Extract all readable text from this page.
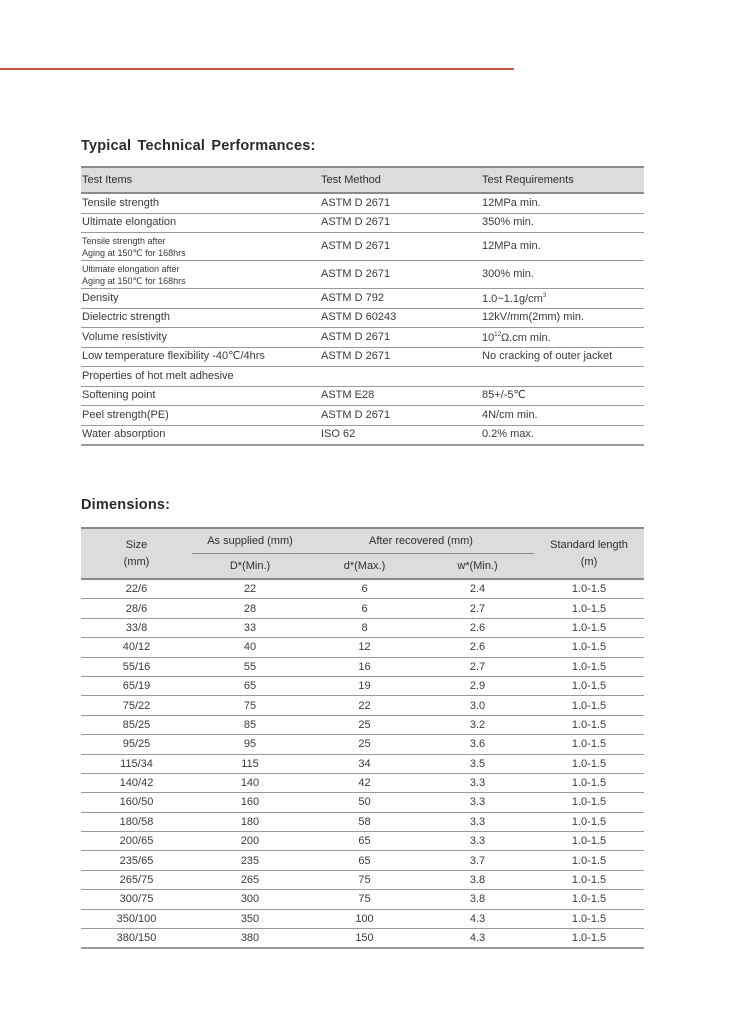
Typical Technical Performances:
Test Items	Test Method	Test Requirements
Tensile strength	ASTM D 2671	12MPa min.
Ultimate elongation	ASTM D 2671	350% min.
Tensile strength after
Aging at 150℃ for 168hrs	ASTM D 2671	12MPa min.
Ultimate elongation after
Aging at 150℃ for 168hrs	ASTM D 2671	300% min.
Density	ASTM D 792	$1.0\sim 1.1g/cm^3$
Dielectric strength	ASTM D 60243	12kV/mm(2mm) min.
Volume resistivity	ASTM D 2671	$10^{12}\Omega.cm$ min.
Low temperature flexibility -40℃/4hrs	ASTM D 2671	No cracking of outer jacket
Properties of hot melt adhesive		
Softening point	ASTM E28	85+/-5℃
Peel strength(PE)	ASTM D 2671	4N/cm min.
Water absorption	ISO 62	0.2% max.
Dimensions:
Size
(mm)	As supplied (mm)	After recovered (mm)		Standard length
(m)
	D*(Min.)	d*(Max.)	w*(Min.)	
22/6	22	6	2.4	1.0-1.5
28/6	28	6	2.7	1.0-1.5
33/8	33	8	2.6	1.0-1.5
40/12	40	12	2.6	1.0-1.5
55/16	55	16	2.7	1.0-1.5
65/19	65	19	2.9	1.0-1.5
75/22	75	22	3.0	1.0-1.5
85/25	85	25	3.2	1.0-1.5
95/25	95	25	3.6	1.0-1.5
115/34	115	34	3.5	1.0-1.5
140/42	140	42	3.3	1.0-1.5
160/50	160	50	3.3	1.0-1.5
180/58	180	58	3.3	1.0-1.5
200/65	200	65	3.3	1.0-1.5
235/65	235	65	3.7	1.0-1.5
265/75	265	75	3.8	1.0-1.5
300/75	300	75	3.8	1.0-1.5
350/100	350	100	4.3	1.0-1.5
380/150	380	150	4.3	1.0-1.5
